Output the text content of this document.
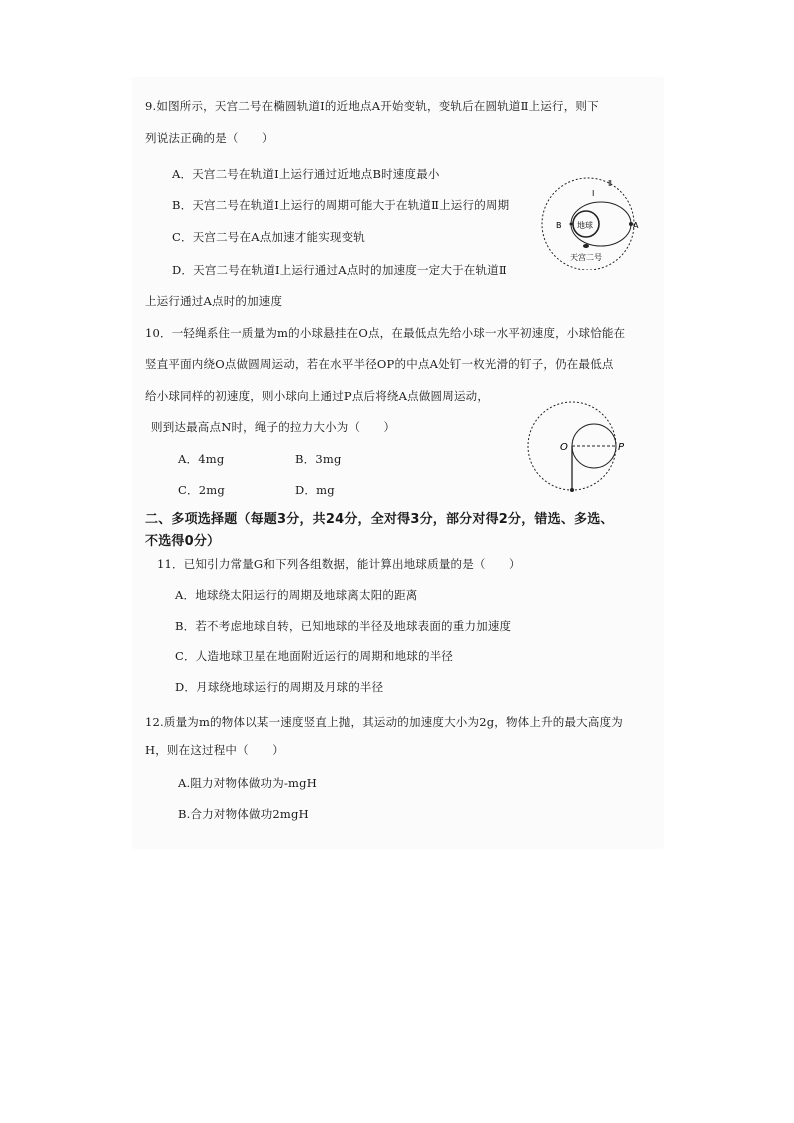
9.如图所示，天宫二号在椭圆轨道Ⅰ的近地点A开始变轨，变轨后在圆轨道Ⅱ上运行，则下
列说法正确的是（　　）
A．天宫二号在轨道Ⅰ上运行通过近地点B时速度最小
B．天宫二号在轨道Ⅰ上运行的周期可能大于在轨道Ⅱ上运行的周期
C．天宫二号在A点加速才能实现变轨
D．天宫二号在轨道Ⅰ上运行通过A点时的加速度一定大于在轨道Ⅱ
上运行通过A点时的加速度
地球
B	A
Ⅰ
Ⅱ
天宫二号
10．一轻绳系住一质量为m的小球悬挂在O点，在最低点先给小球一水平初速度，小球恰能在
竖直平面内绕O点做圆周运动，若在水平半径OP的中点A处钉一枚光滑的钉子，仍在最低点
给小球同样的初速度，则小球向上通过P点后将绕A点做圆周运动，
则到达最高点N时，绳子的拉力大小为（　　）
A．4mg	B．3mg
C．2mg	D．mg
O	P
二、多项选择题（每题3分，共24分，全对得3分，部分对得2分，错选、多选、
不选得0分）
11．已知引力常量G和下列各组数据，能计算出地球质量的是（　　）
A．地球绕太阳运行的周期及地球离太阳的距离
B．若不考虑地球自转，已知地球的半径及地球表面的重力加速度
C．人造地球卫星在地面附近运行的周期和地球的半径
D．月球绕地球运行的周期及月球的半径
12.质量为m的物体以某一速度竖直上抛，其运动的加速度大小为2g，物体上升的最大高度为
H，则在这过程中（　　）
A.阻力对物体做功为-mgH
B.合力对物体做功2mgH
